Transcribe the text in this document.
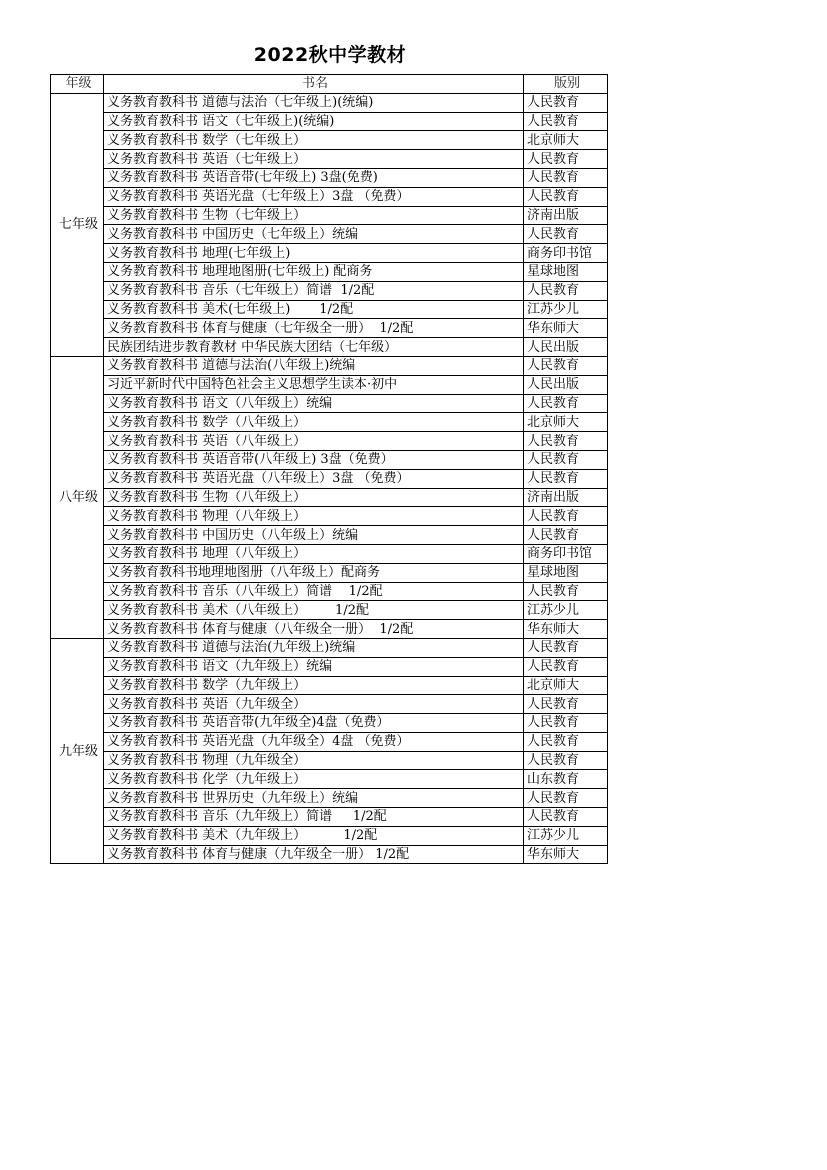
2022秋中学教材
年级	书名	版别
七年级	义务教育教科书 道德与法治（七年级上)(统编)	人民教育
	义务教育教科书 语文（七年级上)(统编)	人民教育
	义务教育教科书 数学（七年级上）	北京师大
	义务教育教科书 英语（七年级上）	人民教育
	义务教育教科书 英语音带(七年级上) 3盘(免费)	人民教育
	义务教育教科书 英语光盘（七年级上）3盘 （免费）	人民教育
	义务教育教科书 生物（七年级上）	济南出版
	义务教育教科书 中国历史（七年级上）统编	人民教育
	义务教育教科书 地理(七年级上)	商务印书馆
	义务教育教科书 地理地图册(七年级上) 配商务	星球地图
	义务教育教科书 音乐（七年级上）简谱  1/2配	人民教育
	义务教育教科书 美术(七年级上)       1/2配	江苏少儿
	义务教育教科书 体育与健康（七年级全一册）  1/2配	华东师大
	民族团结进步教育教材 中华民族大团结（七年级）	人民出版
八年级	义务教育教科书 道德与法治(八年级上)统编	人民教育
	习近平新时代中国特色社会主义思想学生读本·初中	人民出版
	义务教育教科书 语文（八年级上）统编	人民教育
	义务教育教科书 数学（八年级上）	北京师大
	义务教育教科书 英语（八年级上）	人民教育
	义务教育教科书 英语音带(八年级上) 3盘（免费）	人民教育
	义务教育教科书 英语光盘（八年级上）3盘 （免费）	人民教育
	义务教育教科书 生物（八年级上）	济南出版
	义务教育教科书 物理（八年级上）	人民教育
	义务教育教科书 中国历史（八年级上）统编	人民教育
	义务教育教科书 地理（八年级上）	商务印书馆
	义务教育教科书地理地图册（八年级上）配商务	星球地图
	义务教育教科书 音乐（八年级上）简谱    1/2配	人民教育
	义务教育教科书 美术（八年级上）       1/2配	江苏少儿
	义务教育教科书 体育与健康（八年级全一册）  1/2配	华东师大
九年级	义务教育教科书 道德与法治(九年级上)统编	人民教育
	义务教育教科书 语文（九年级上）统编	人民教育
	义务教育教科书 数学（九年级上）	北京师大
	义务教育教科书 英语（九年级全）	人民教育
	义务教育教科书 英语音带(九年级全)4盘（免费）	人民教育
	义务教育教科书 英语光盘（九年级全）4盘 （免费）	人民教育
	义务教育教科书 物理（九年级全）	人民教育
	义务教育教科书 化学（九年级上）	山东教育
	义务教育教科书 世界历史（九年级上）统编	人民教育
	义务教育教科书 音乐（九年级上）简谱     1/2配	人民教育
	义务教育教科书 美术（九年级上）         1/2配	江苏少儿
	义务教育教科书 体育与健康（九年级全一册） 1/2配	华东师大
